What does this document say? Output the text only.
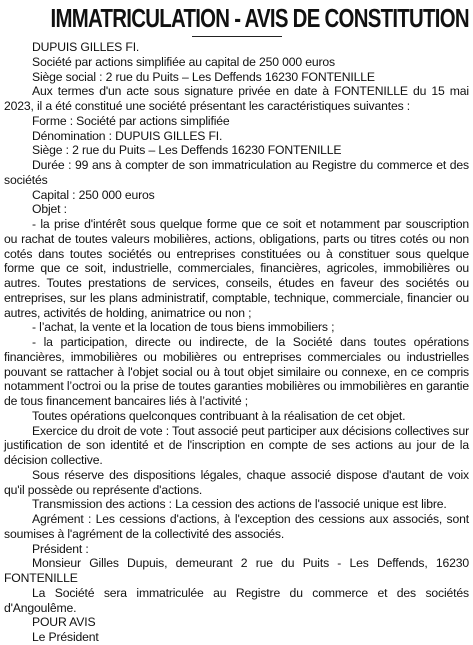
IMMATRICULATION - AVIS DE CONSTITUTION

DUPUIS GILLES FI.

Société par actions simplifiée au capital de 250 000 euros

Siège social : 2 rue du Puits – Les Deffends 16230 FONTENILLE

Aux termes d'un acte sous signature privée en date à FONTENILLE du 15 mai 2023, il a été constitué une société présentant les caractéristiques suivantes :

Forme : Société par actions simplifiée

Dénomination : DUPUIS GILLES FI.

Siège : 2 rue du Puits – Les Deffends 16230 FONTENILLE

Durée : 99 ans à compter de son immatriculation au Registre du commerce et des sociétés

Capital : 250 000 euros

Objet :

- la prise d'intérêt sous quelque forme que ce soit et notamment par souscription ou rachat de toutes valeurs mobilières, actions, obligations, parts ou titres cotés ou non cotés dans toutes sociétés ou entreprises constituées ou à constituer sous quelque forme que ce soit, industrielle, commerciales, financières, agricoles, immobilières ou autres. Toutes prestations de services, conseils, études en faveur des sociétés ou entreprises, sur les plans administratif, comptable, technique, commerciale, financier ou autres, activités de holding, animatrice ou non ;

- l’achat, la vente et la location de tous biens immobiliers ;

- la participation, directe ou indirecte, de la Société dans toutes opérations financières, immobilières ou mobilières ou entreprises commerciales ou industrielles pouvant se rattacher à l'objet social ou à tout objet similaire ou connexe, en ce compris notamment l’octroi ou la prise de toutes garanties mobilières ou immobilières en garantie de tous financement bancaires liés à l’activité ;

Toutes opérations quelconques contribuant à la réalisation de cet objet.

Exercice du droit de vote : Tout associé peut participer aux décisions collectives sur justification de son identité et de l'inscription en compte de ses actions au jour de la décision collective.

Sous réserve des dispositions légales, chaque associé dispose d'autant de voix qu'il possède ou représente d'actions.

Transmission des actions : La cession des actions de l'associé unique est libre.

Agrément : Les cessions d'actions, à l'exception des cessions aux associés, sont soumises à l'agrément de la collectivité des associés.

Président :

Monsieur Gilles Dupuis, demeurant 2 rue du Puits - Les Deffends, 16230 FONTENILLE

La Société sera immatriculée au Registre du commerce et des sociétés d'Angoulême.

POUR AVIS

Le Président
